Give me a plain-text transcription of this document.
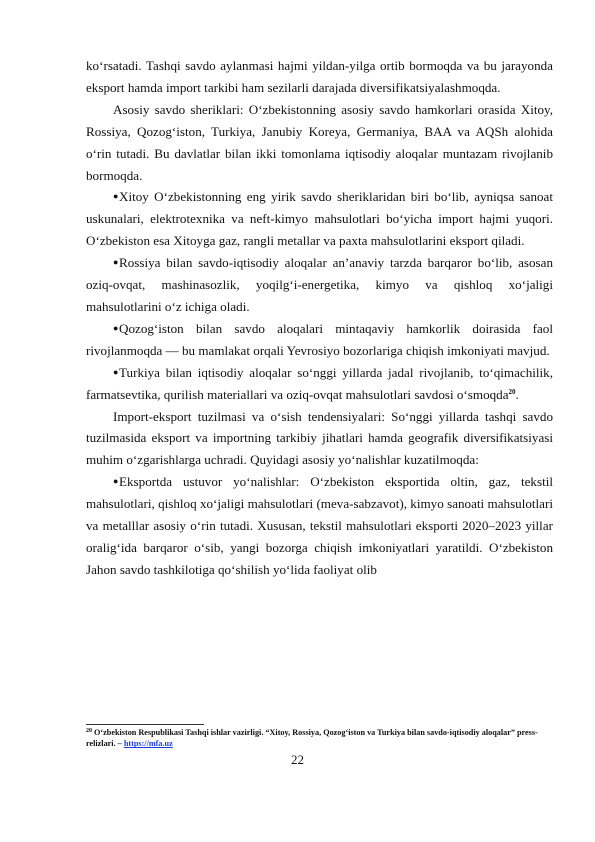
ko‘rsatadi. Tashqi savdo aylanmasi hajmi yildan-yilga ortib bormoqda va bu jarayonda eksport hamda import tarkibi ham sezilarli darajada diversifikatsiyalashmoqda.

Asosiy savdo sheriklari: O‘zbekistonning asosiy savdo hamkorlari orasida Xitoy, Rossiya, Qozog‘iston, Turkiya, Janubiy Koreya, Germaniya, BAA va AQSh alohida o‘rin tutadi. Bu davlatlar bilan ikki tomonlama iqtisodiy aloqalar muntazam rivojlanib bormoqda.

●Xitoy O‘zbekistonning eng yirik savdo sheriklaridan biri bo‘lib, ayniqsa sanoat uskunalari, elektrotexnika va neft-kimyo mahsulotlari bo‘yicha import hajmi yuqori. O‘zbekiston esa Xitoyga gaz, rangli metallar va paxta mahsulotlarini eksport qiladi.

●Rossiya bilan savdo-iqtisodiy aloqalar an’anaviy tarzda barqaror bo‘lib, asosan oziq-ovqat, mashinasozlik, yoqilg‘i-energetika, kimyo va qishloq xo‘jaligi mahsulotlarini o‘z ichiga oladi.

●Qozog‘iston bilan savdo aloqalari mintaqaviy hamkorlik doirasida faol rivojlanmoqda — bu mamlakat orqali Yevrosiyo bozorlariga chiqish imkoniyati mavjud.

●Turkiya bilan iqtisodiy aloqalar so‘nggi yillarda jadal rivojlanib, to‘qimachilik, farmatsevtika, qurilish materiallari va oziq-ovqat mahsulotlari savdosi o‘smoqda$^{20}$.

Import-eksport tuzilmasi va o‘sish tendensiyalari: So‘nggi yillarda tashqi savdo tuzilmasida eksport va importning tarkibiy jihatlari hamda geografik diversifikatsiyasi muhim o‘zgarishlarga uchradi. Quyidagi asosiy yo‘nalishlar kuzatilmoqda:

●Eksportda ustuvor yo‘nalishlar: O‘zbekiston eksportida oltin, gaz, tekstil mahsulotlari, qishloq xo‘jaligi mahsulotlari (meva-sabzavot), kimyo sanoati mahsulotlari va metalllar asosiy o‘rin tutadi. Xususan, tekstil mahsulotlari eksporti 2020–2023 yillar oralig‘ida barqaror o‘sib, yangi bozorga chiqish imkoniyatlari yaratildi. O‘zbekiston Jahon savdo tashkilotiga qo‘shilish yo‘lida faoliyat olib

$^{20}$ O‘zbekiston Respublikasi Tashqi ishlar vazirligi. “Xitoy, Rossiya, Qozog‘iston va Turkiya bilan savdo-iqtisodiy aloqalar” press-relizlari. – https://mfa.uz
22
